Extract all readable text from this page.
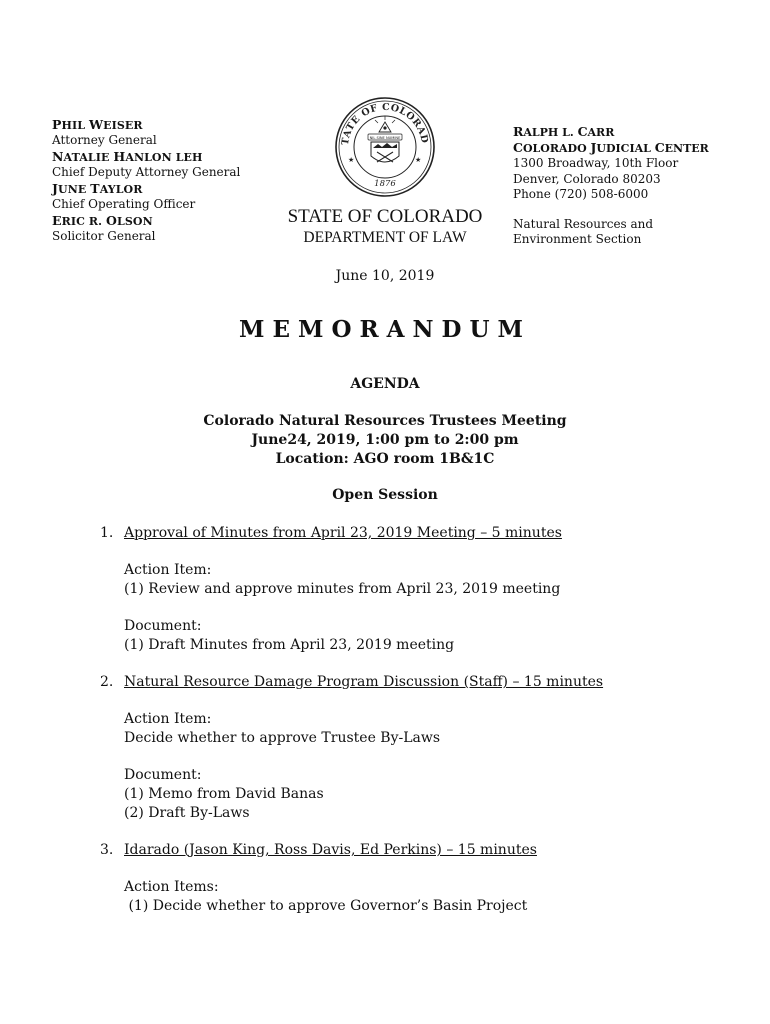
PHIL WEISER
Attorney General
NATALIE HANLON LEH
Chief Deputy Attorney General
JUNE TAYLOR
Chief Operating Officer
ERIC R. OLSON
Solicitor General
TATE OF COLORAD
1876
★	★
NIL SINE NUMINE
STATE OF COLORADO
DEPARTMENT OF LAW
RALPH L. CARR
COLORADO JUDICIAL CENTER
1300 Broadway, 10th Floor
Denver, Colorado 80203
Phone (720) 508-6000
Natural Resources and
Environment Section
June 10, 2019
MEMORANDUM
AGENDA
Colorado Natural Resources Trustees Meeting
June24, 2019, 1:00 pm to 2:00 pm
Location: AGO room 1B&1C
Open Session
1. Approval of Minutes from April 23, 2019 Meeting – 5 minutes
Action Item:
(1) Review and approve minutes from April 23, 2019 meeting
Document:
(1) Draft Minutes from April 23, 2019 meeting
2. Natural Resource Damage Program Discussion (Staff) – 15 minutes
Action Item:
Decide whether to approve Trustee By-Laws
Document:
(1) Memo from David Banas
(2) Draft By-Laws
3. Idarado (Jason King, Ross Davis, Ed Perkins) – 15 minutes
Action Items:
(1) Decide whether to approve Governor’s Basin Project
